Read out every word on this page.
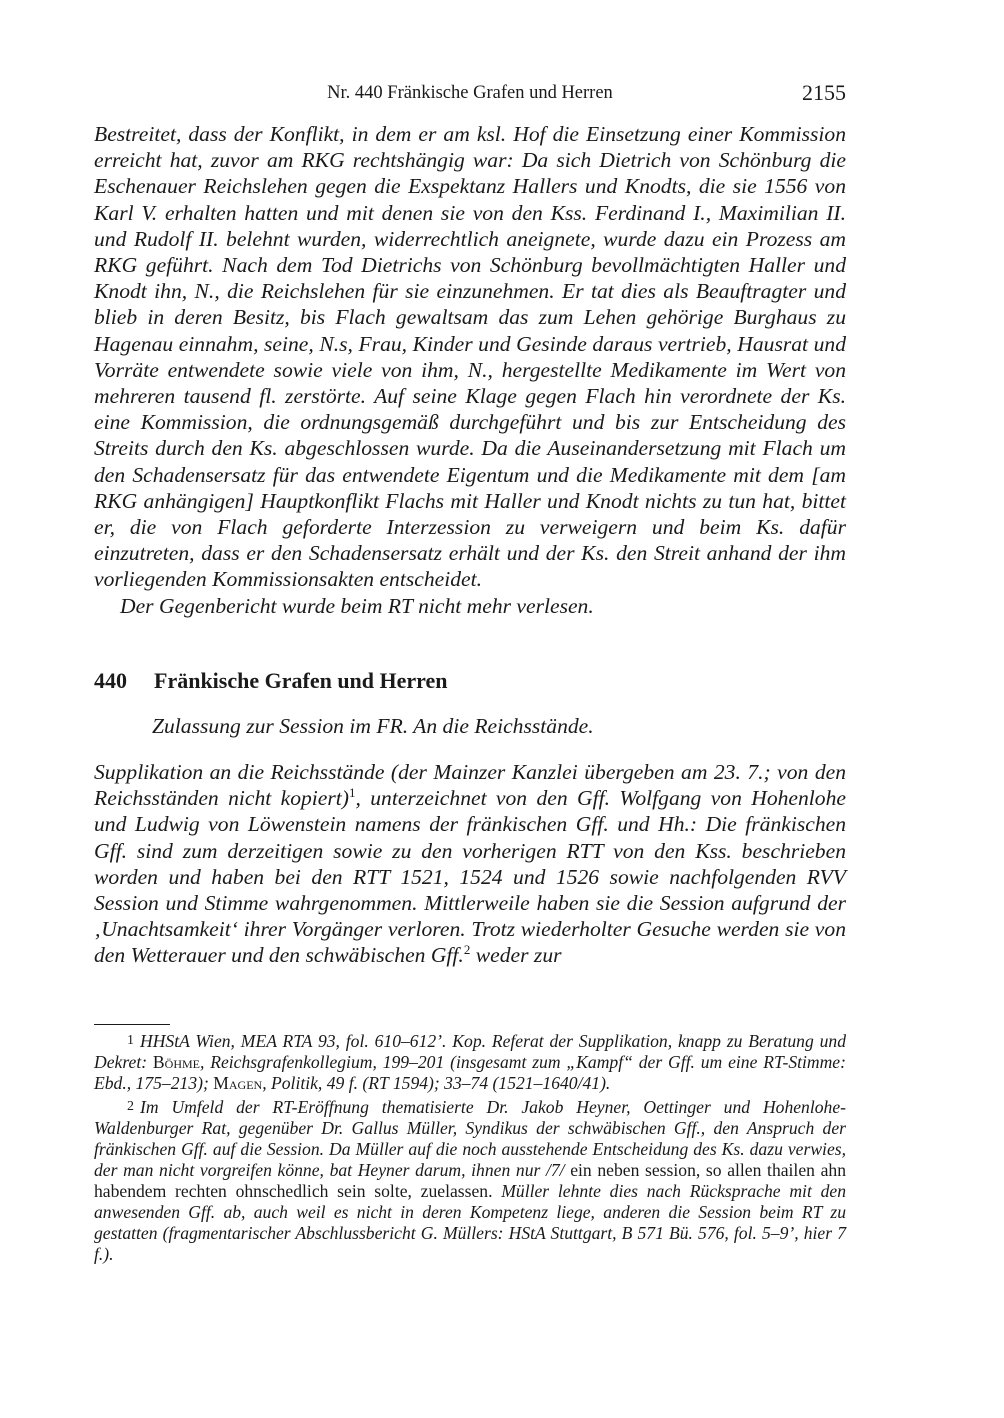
Nr. 440 Fränkische Grafen und Herren	2155

Bestreitet, dass der Konflikt, in dem er am ksl. Hof die Einsetzung einer Kommission erreicht hat, zuvor am RKG rechtshängig war: Da sich Dietrich von Schönburg die Eschenauer Reichslehen gegen die Exspektanz Hallers und Knodts, die sie 1556 von Karl V. erhalten hatten und mit denen sie von den Kss. Ferdinand I., Maximilian II. und Rudolf II. belehnt wurden, widerrechtlich aneignete, wurde dazu ein Prozess am RKG geführt. Nach dem Tod Dietrichs von Schönburg bevollmächtigten Haller und Knodt ihn, N., die Reichslehen für sie einzunehmen. Er tat dies als Beauftragter und blieb in deren Besitz, bis Flach gewaltsam das zum Lehen gehörige Burghaus zu Hagenau einnahm, seine, N.s, Frau, Kinder und Gesinde daraus vertrieb, Hausrat und Vorräte entwendete sowie viele von ihm, N., hergestellte Medikamente im Wert von mehreren tausend fl. zerstörte. Auf seine Klage gegen Flach hin verordnete der Ks. eine Kommission, die ordnungsgemäß durchgeführt und bis zur Entscheidung des Streits durch den Ks. abgeschlossen wurde. Da die Auseinandersetzung mit Flach um den Schadensersatz für das entwendete Eigentum und die Medikamente mit dem [am RKG anhängigen] Hauptkonflikt Flachs mit Haller und Knodt nichts zu tun hat, bittet er, die von Flach geforderte Interzession zu verweigern und beim Ks. dafür einzutreten, dass er den Schadensersatz erhält und der Ks. den Streit anhand der ihm vorliegenden Kommissionsakten entscheidet.

Der Gegenbericht wurde beim RT nicht mehr verlesen.

440 Fränkische Grafen und Herren
Zulassung zur Session im FR. An die Reichsstände.

Supplikation an die Reichsstände (der Mainzer Kanzlei übergeben am 23. 7.; von den Reichsständen nicht kopiert)$^1$, unterzeichnet von den Gff. Wolfgang von Hohenlohe und Ludwig von Löwenstein namens der fränkischen Gff. und Hh.: Die fränkischen Gff. sind zum derzeitigen sowie zu den vorherigen RTT von den Kss. beschrieben worden und haben bei den RTT 1521, 1524 und 1526 sowie nachfolgenden RVV Session und Stimme wahrgenommen. Mittlerweile haben sie die Session aufgrund der ‚Unachtsamkeit‘ ihrer Vorgänger verloren. Trotz wiederholter Gesuche werden sie von den Wetterauer und den schwäbischen Gff.$^2$ weder zur

1 HHStA Wien, MEA RTA 93, fol. 610–612’. Kop. Referat der Supplikation, knapp zu Beratung und Dekret: Böhme, Reichsgrafenkollegium, 199–201 (insgesamt zum „Kampf“ der Gff. um eine RT-Stimme: Ebd., 175–213); Magen, Politik, 49 f. (RT 1594); 33–74 (1521–1640/41).

2 Im Umfeld der RT-Eröffnung thematisierte Dr. Jakob Heyner, Oettinger und Hohenlohe-Waldenburger Rat, gegenüber Dr. Gallus Müller, Syndikus der schwäbischen Gff., den Anspruch der fränkischen Gff. auf die Session. Da Müller auf die noch ausstehende Entscheidung des Ks. dazu verwies, der man nicht vorgreifen könne, bat Heyner darum, ihnen nur /7/ ein neben session, so allen thailen ahn habendem rechten ohnschedlich sein solte, zuelassen. Müller lehnte dies nach Rücksprache mit den anwesenden Gff. ab, auch weil es nicht in deren Kompetenz liege, anderen die Session beim RT zu gestatten (fragmentarischer Abschlussbericht G. Müllers: HStA Stuttgart, B 571 Bü. 576, fol. 5–9’, hier 7 f.).
